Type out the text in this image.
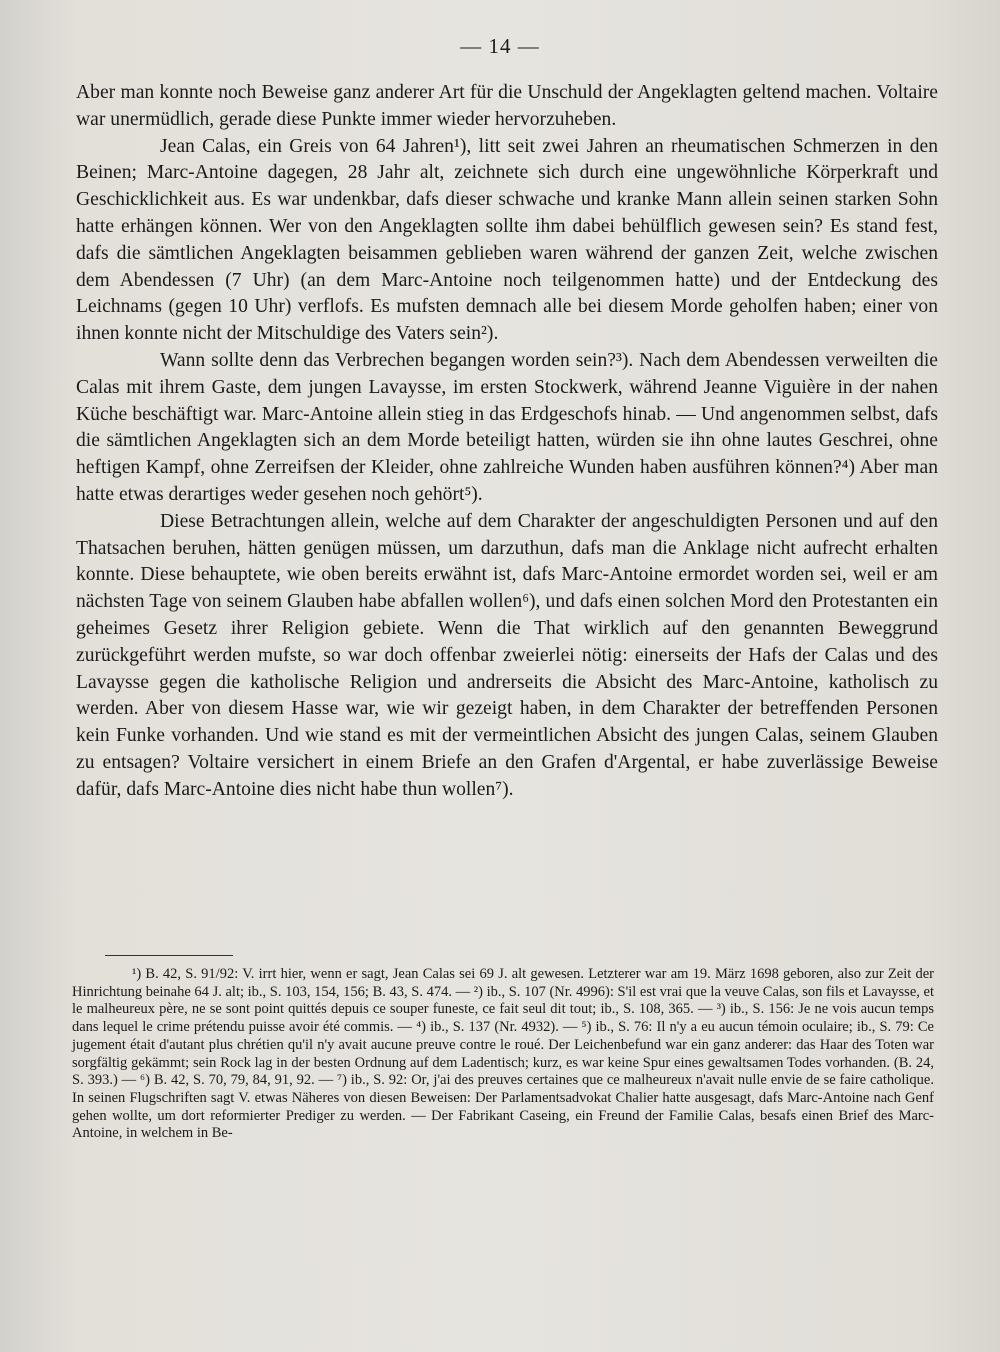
— 14 —

Aber man konnte noch Beweise ganz anderer Art für die Unschuld der Angeklagten geltend machen. Voltaire war unermüdlich, gerade diese Punkte immer wieder hervorzuheben.

Jean Calas, ein Greis von 64 Jahren¹), litt seit zwei Jahren an rheumatischen Schmerzen in den Beinen; Marc-Antoine dagegen, 28 Jahr alt, zeichnete sich durch eine ungewöhnliche Körperkraft und Geschicklichkeit aus. Es war undenkbar, dafs dieser schwache und kranke Mann allein seinen starken Sohn hatte erhängen können. Wer von den Angeklagten sollte ihm dabei behülflich gewesen sein? Es stand fest, dafs die sämtlichen Angeklagten beisammen geblieben waren während der ganzen Zeit, welche zwischen dem Abendessen (7 Uhr) (an dem Marc-Antoine noch teilgenommen hatte) und der Entdeckung des Leichnams (gegen 10 Uhr) verflofs. Es mufsten demnach alle bei diesem Morde geholfen haben; einer von ihnen konnte nicht der Mitschuldige des Vaters sein²).

Wann sollte denn das Verbrechen begangen worden sein?³). Nach dem Abendessen verweilten die Calas mit ihrem Gaste, dem jungen Lavaysse, im ersten Stockwerk, während Jeanne Viguière in der nahen Küche beschäftigt war. Marc-Antoine allein stieg in das Erdgeschofs hinab. — Und angenommen selbst, dafs die sämtlichen Angeklagten sich an dem Morde beteiligt hatten, würden sie ihn ohne lautes Geschrei, ohne heftigen Kampf, ohne Zerreifsen der Kleider, ohne zahlreiche Wunden haben ausführen können?⁴) Aber man hatte etwas derartiges weder gesehen noch gehört⁵).

Diese Betrachtungen allein, welche auf dem Charakter der angeschuldigten Personen und auf den Thatsachen beruhen, hätten genügen müssen, um darzuthun, dafs man die Anklage nicht aufrecht erhalten konnte. Diese behauptete, wie oben bereits erwähnt ist, dafs Marc-Antoine ermordet worden sei, weil er am nächsten Tage von seinem Glauben habe abfallen wollen⁶), und dafs einen solchen Mord den Protestanten ein geheimes Gesetz ihrer Religion gebiete. Wenn die That wirklich auf den genannten Beweggrund zurückgeführt werden mufste, so war doch offenbar zweierlei nötig: einerseits der Hafs der Calas und des Lavaysse gegen die katholische Religion und andrerseits die Absicht des Marc-Antoine, katholisch zu werden. Aber von diesem Hasse war, wie wir gezeigt haben, in dem Charakter der betreffenden Personen kein Funke vorhanden. Und wie stand es mit der vermeintlichen Absicht des jungen Calas, seinem Glauben zu entsagen? Voltaire versichert in einem Briefe an den Grafen d'Argental, er habe zuverlässige Beweise dafür, dafs Marc-Antoine dies nicht habe thun wollen⁷).

¹) B. 42, S. 91/92: V. irrt hier, wenn er sagt, Jean Calas sei 69 J. alt gewesen. Letzterer war am 19. März 1698 geboren, also zur Zeit der Hinrichtung beinahe 64 J. alt; ib., S. 103, 154, 156; B. 43, S. 474. — ²) ib., S. 107 (Nr. 4996): S'il est vrai que la veuve Calas, son fils et Lavaysse, et le malheureux père, ne se sont point quittés depuis ce souper funeste, ce fait seul dit tout; ib., S. 108, 365. — ³) ib., S. 156: Je ne vois aucun temps dans lequel le crime prétendu puisse avoir été commis. — ⁴) ib., S. 137 (Nr. 4932). — ⁵) ib., S. 76: Il n'y a eu aucun témoin oculaire; ib., S. 79: Ce jugement était d'autant plus chrétien qu'il n'y avait aucune preuve contre le roué. Der Leichenbefund war ein ganz anderer: das Haar des Toten war sorgfältig gekämmt; sein Rock lag in der besten Ordnung auf dem Ladentisch; kurz, es war keine Spur eines gewaltsamen Todes vorhanden. (B. 24, S. 393.) — ⁶) B. 42, S. 70, 79, 84, 91, 92. — ⁷) ib., S. 92: Or, j'ai des preuves certaines que ce malheureux n'avait nulle envie de se faire catholique. In seinen Flugschriften sagt V. etwas Näheres von diesen Beweisen: Der Parlamentsadvokat Chalier hatte ausgesagt, dafs Marc-Antoine nach Genf gehen wollte, um dort reformierter Prediger zu werden. — Der Fabrikant Caseing, ein Freund der Familie Calas, besafs einen Brief des Marc-Antoine, in welchem in Be-
